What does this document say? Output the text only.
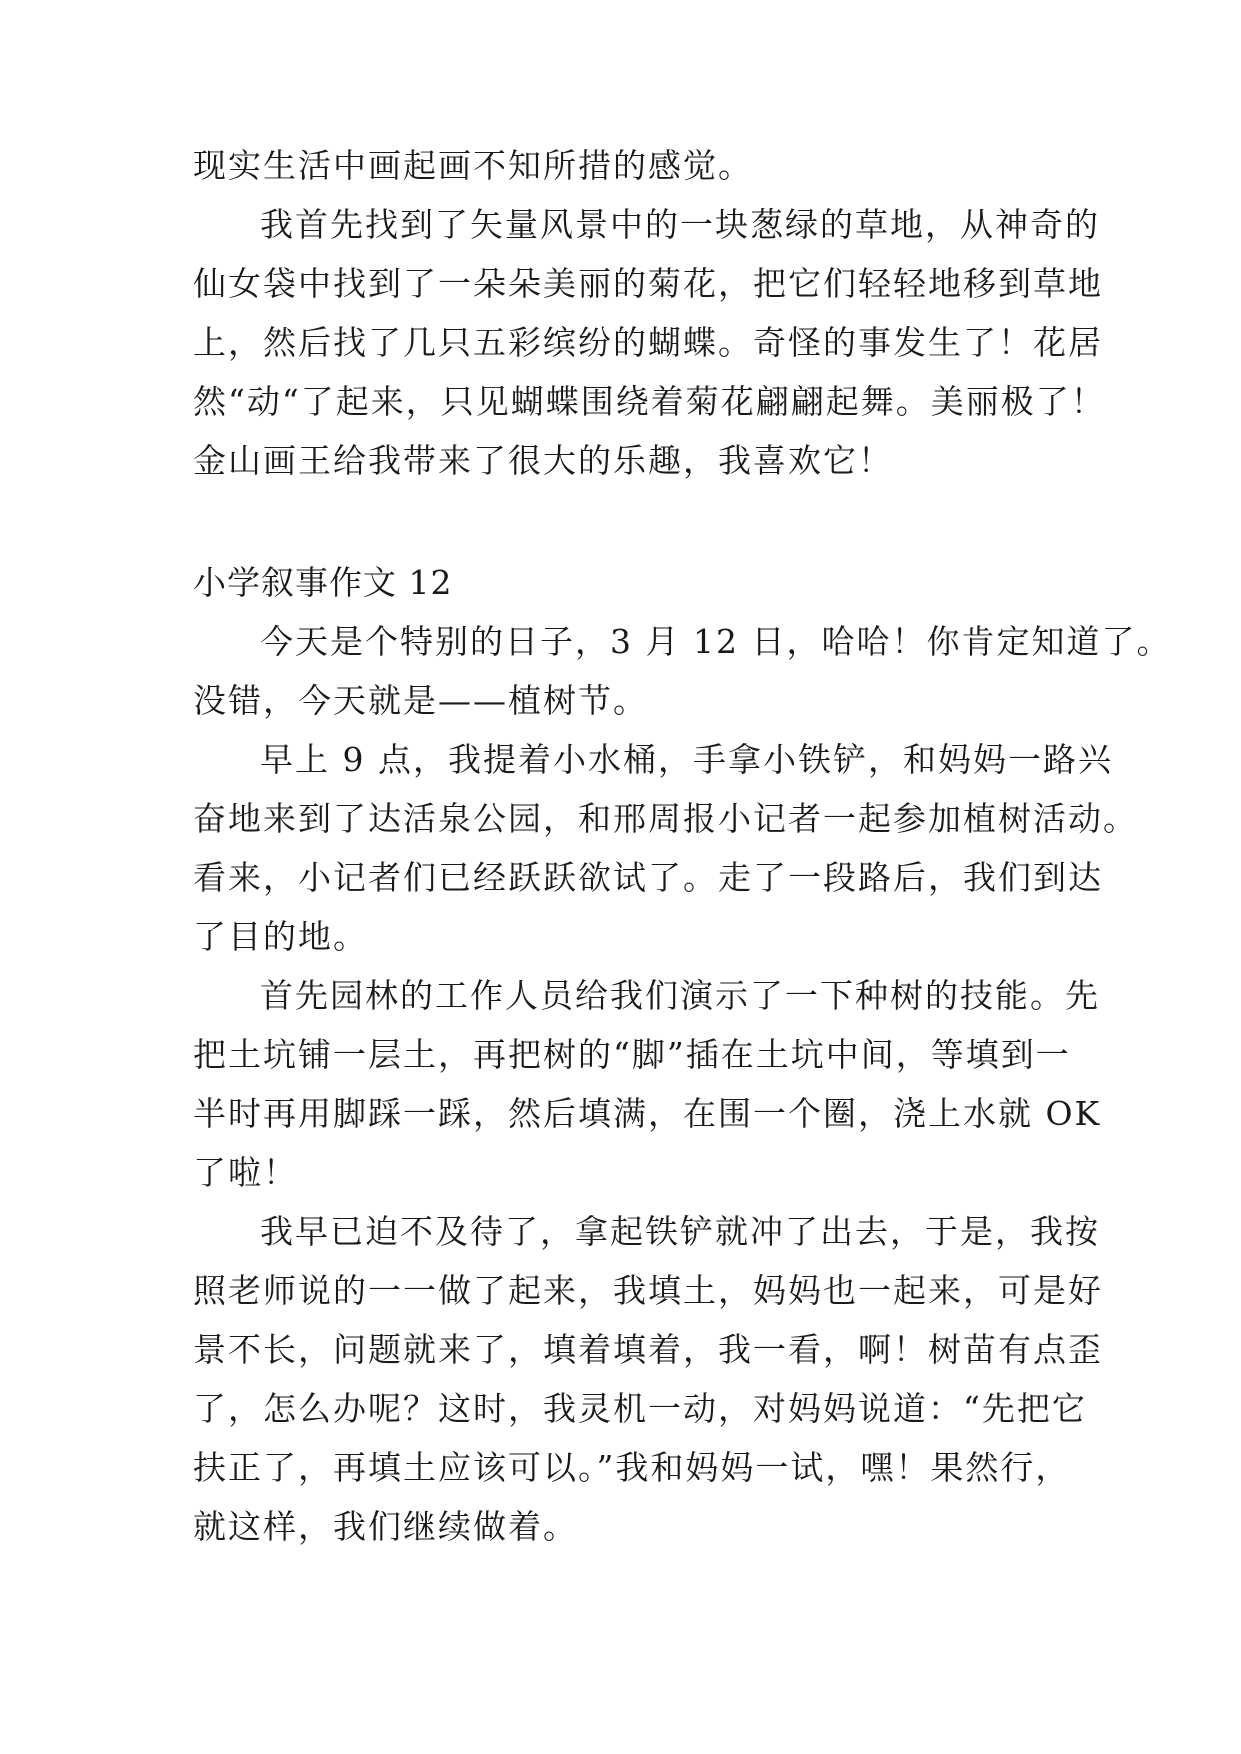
现实生活中画起画不知所措的感觉。
我首先找到了矢量风景中的一块葱绿的草地，从神奇的
仙女袋中找到了一朵朵美丽的菊花，把它们轻轻地移到草地
上，然后找了几只五彩缤纷的蝴蝶。奇怪的事发生了！花居
然“动“了起来，只见蝴蝶围绕着菊花翩翩起舞。美丽极了！
金山画王给我带来了很大的乐趣，我喜欢它！
小学叙事作文 12
今天是个特别的日子，3 月 12 日，哈哈！你肯定知道了。
没错，今天就是——植树节。
早上 9 点，我提着小水桶，手拿小铁铲，和妈妈一路兴
奋地来到了达活泉公园，和邢周报小记者一起参加植树活动。
看来，小记者们已经跃跃欲试了。走了一段路后，我们到达
了目的地。
首先园林的工作人员给我们演示了一下种树的技能。先
把土坑铺一层土，再把树的“脚”插在土坑中间，等填到一
半时再用脚踩一踩，然后填满，在围一个圈，浇上水就 OK
了啦！
我早已迫不及待了，拿起铁铲就冲了出去，于是，我按
照老师说的一一做了起来，我填土，妈妈也一起来，可是好
景不长，问题就来了，填着填着，我一看，啊！树苗有点歪
了，怎么办呢？这时，我灵机一动，对妈妈说道：“先把它
扶正了，再填土应该可以。”我和妈妈一试，嘿！果然行，
就这样，我们继续做着。
